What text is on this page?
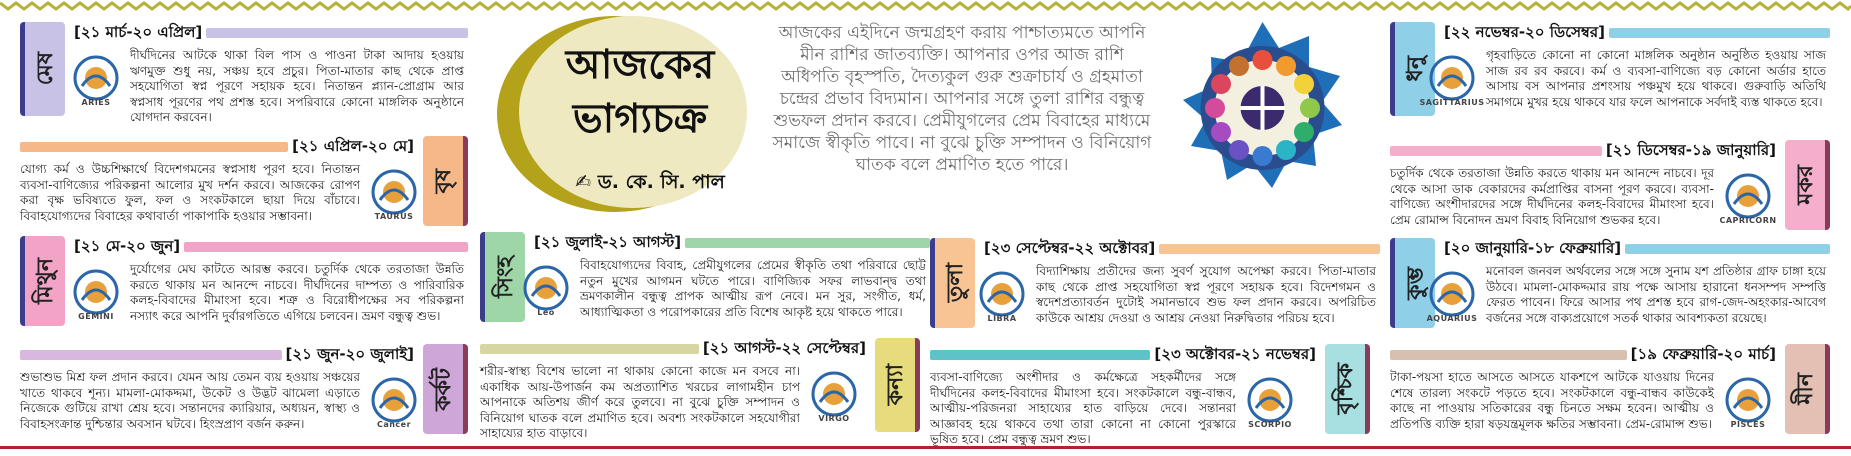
আজকের
ভাগ্যচক্র
✍ ড. কে. সি. পাল
আজকের এইদিনে জন্মগ্রহণ করায় পাশ্চাত্যমতে আপনি মীন রাশির জাতব্যক্তি। আপনার ওপর আজ রাশি অধিপতি বৃহস্পতি, দৈত্যকুল গুরু শুক্রাচার্য ও গ্রহমাতা চন্দ্রের প্রভাব বিদ্যমান। আপনার সঙ্গে তুলা রাশির বন্ধুত্ব শুভফল প্রদান করবে। প্রেমীযুগলের প্রেম বিবাহের মাধ্যমে সমাজে স্বীকৃতি পাবে। না বুঝে চুক্তি সম্পাদন ও বিনিয়োগ ঘাতক বলে প্রমাণিত হতে পারে।
মেষ
[২১ মার্চ-২০ এপ্রিল]
ARIES
দীর্ঘদিনের আটকে থাকা বিল পাস ও পাওনা টাকা আদায় হওয়ায় ঋণমুক্ত শুধু নয়, সঞ্চয় হবে প্রচুর। পিতা-মাতার কাছ থেকে প্রাপ্ত সহযোগিতা স্বপ্ন পূরণে সহায়ক হবে। নিতান্তন প্ল্যান-প্রোগ্রাম আর স্বপ্নসাধ পূরণের পথ প্রশস্ত হবে। সপরিবারে কোনো মাঙ্গলিক অনুষ্ঠানে যোগদান করবেন।
বৃষ
[২১ এপ্রিল-২০ মে]
TAURUS
যোগ্য কর্ম ও উচ্চশিক্ষার্থে বিদেশগমনের স্বপ্নসাধ পূরণ হবে। নিতান্তন ব্যবসা-বাণিজ্যের পরিকল্পনা আলোর মুখ দর্শন করবে। আজকের রোপণ করা বৃক্ষ ভবিষ্যতে ফুল, ফল ও সংকটকালে ছায়া দিয়ে বাঁচাবে। বিবাহযোগ্যদের বিবাহের কথাবার্তা পাকাপাকি হওয়ার সম্ভাবনা।
মিথুন
[২১ মে-২০ জুন]
GEMINI
দুর্যোগের মেঘ কাটতে আরম্ভ করবে। চতুর্দিক থেকে তরতাজা উন্নতি করতে থাকায় মন আনন্দে নাচবে। দীর্ঘদিনের দাম্পত্য ও পারিবারিক কলহ-বিবাদের মীমাংসা হবে। শত্রু ও বিরোধীপক্ষের সব পরিকল্পনা নস্যাৎ করে আপনি দুর্বারগতিতে এগিয়ে চলবেন। ভ্রমণ বন্ধুত্ব শুভ।
কর্কট
[২১ জুন-২০ জুলাই]
Cancer
শুভাশুভ মিশ্র ফল প্রদান করবে। যেমন আয় তেমন ব্যয় হওয়ায় সঞ্চয়ের খাতে থাকবে শূন্য। মামলা-মোকদ্দমা, উকেট ও উদ্ভট ঝামেলা এড়াতে নিজেকে গুটিয়ে রাখা শ্রেয় হবে। সন্তানদের ক্যারিয়ার, অধ্যয়ন, স্বাস্থ্য ও বিবাহসংক্রান্ত দুশ্চিন্তার অবসান ঘটবে। হিংস্রপ্রাণ বর্জন করুন।
সিংহ
[২১ জুলাই-২১ আগস্ট]
Leo
বিবাহযোগ্যদের বিবাহ, প্রেমীযুগলের প্রেমের স্বীকৃতি তথা পরিবারে ছোট্ট নতুন মুখের আগমন ঘটতে পারে। বাণিজ্যিক সফর লাভবান্দ্ব তথা ভ্রমণকালীন বন্ধুত্ব প্রাপক আত্মীয় রূপ নেবে। মন সুর, সংগীত, ধর্ম, আধ্যাত্মিকতা ও পরোপকারের প্রতি বিশেষ আকৃষ্ট হয়ে থাকতে পারে।
কন্যা
[২১ আগস্ট-২২ সেপ্টেম্বর]
VIRGO
শরীর-স্বাস্থ্য বিশেষ ভালো না থাকায় কোনো কাজে মন বসবে না। একাধিক আয়-উপার্জন কম অপ্রত্যাশিত খরচের লাগামহীন চাপ আপনাকে অতিশয় জীর্ণ করে তুলবে। না বুঝে চুক্তি সম্পাদন ও বিনিয়োগ ঘাতক বলে প্রমাণিত হবে। অবশ্য সংকটকালে সহযোগীরা সাহায্যের হাত বাড়াবে।
তুলা
[২৩ সেপ্টেম্বর-২২ অক্টোবর]
LIBRA
বিদ্যাশিক্ষায় প্রতীদের জন্য সুবর্ণ সুযোগ অপেক্ষা করবে। পিতা-মাতার কাছ থেকে প্রাপ্ত সহযোগিতা স্বপ্ন পূরণে সহায়ক হবে। বিদেশগমন ও স্বদেশপ্রত্যাবর্তন দুটোই সমানভাবে শুভ ফল প্রদান করবে। অপরিচিত কাউকে আশ্রয় দেওয়া ও আশ্রয় নেওয়া নিরুদ্বিতার পরিচয় হবে।
বৃশ্চিক
[২৩ অক্টোবর-২১ নভেম্বর]
SCORPIO
ব্যবসা-বাণিজ্যে অংশীদার ও কর্মক্ষেত্রে সহকর্মীদের সঙ্গে দীর্ঘদিনের কলহ-বিবাদের মীমাংসা হবে। সংকটকালে বন্ধু-বান্ধব, আত্মীয়-পরিজনরা সাহায্যের হাত বাড়িয়ে দেবে। সন্তানরা আজ্ঞাবহ হয়ে থাকবে তথা তারা কোনো না কোনো পুরস্কারে ভূষিত হবে। প্রেম বন্ধুত্ব ভ্রমণ শুভ।
ধনু
[২২ নভেম্বর-২০ ডিসেম্বর]
SAGITTARIUS
গৃহবাড়িতে কোনো না কোনো মাঙ্গলিক অনুষ্ঠান অনুষ্ঠিত হওয়ায় সাজ সাজ রব রব করবে। কর্ম ও ব্যবসা-বাণিজ্যে বড় কোনো অর্ডার হাতে আসায় বস আপনার প্রশংসায় পঞ্চমুখ হয়ে থাকবে। গুরুবাড়ি অতিথি সমাগমে মুখর হয়ে থাকবে যার ফলে আপনাকে সর্বদাই ব্যস্ত থাকতে হবে।
মকর
[২১ ডিসেম্বর-১৯ জানুয়ারি]
CAPRICORN
চতুর্দিক থেকে তরতাজা উন্নতি করতে থাকায় মন আনন্দে নাচবে। দূর থেকে আসা ডাক বেকারদের কর্মপ্রাপ্তির বাসনা পূরণ করবে। ব্যবসা-বাণিজ্যে অংশীদারদের সঙ্গে দীর্ঘদিনের কলহ-বিবাদের মীমাংসা হবে। প্রেম রোমান্স বিনোদন ভ্রমণ বিবাহ বিনিয়োগ শুভকর হবে।
কুম্ভ
[২০ জানুয়ারি-১৮ ফেব্রুয়ারি]
AQUARIUS
মনোবল জনবল অর্থবলের সঙ্গে সঙ্গে সুনাম যশ প্রতিষ্ঠার গ্রাফ চাঙ্গা হয়ে উঠবে। মামলা-মোকদ্দমার রায় পক্ষে আসায় হারানো ধনসম্পদ সম্পত্তি ফেরত পাবেন। ফিরে আসার পথ প্রশস্ত হবে রাগ-জেদ-অহংকার-আবেগ বর্জনের সঙ্গে বাক্যপ্রয়োগে সতর্ক থাকার আবশ্যকতা রয়েছে।
মীন
[১৯ ফেব্রুয়ারি-২০ মার্চ]
PISCES
টাকা-পয়সা হাতে আসতে আসতে যাকশপে আটকে যাওয়ায় দিনের শেষে তারল্য সংকটে পড়তে হবে। সংকটকালে বন্ধু-বান্ধব কাউকেই কাছে না পাওয়ায় সতিকারের বন্ধু চিনতে সক্ষম হবেন। আত্মীয় ও প্রতিপত্তি ব্যক্তি হারা ষড়যন্ত্রমূলক ক্ষতির সম্ভাবনা। প্রেম-রোমান্স শুভ।
